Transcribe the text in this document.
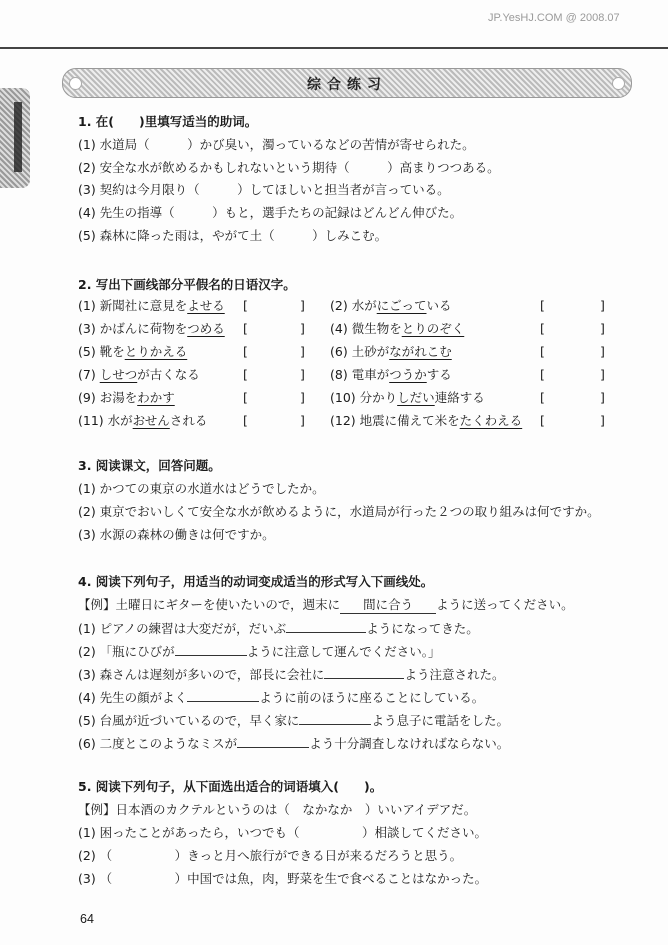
JP.YesHJ.COM @ 2008.07
综合练习
1. 在(　　)里填写适当的助词。
(1) 水道局（　　　）かび臭い，濁っているなどの苦情が寄せられた。
(2) 安全な水が飲めるかもしれないという期待（　　　）高まりつつある。
(3) 契約は今月限り（　　　）してほしいと担当者が言っている。
(4) 先生の指導（　　　）もと，選手たちの記録はどんどん伸びた。
(5) 森林に降った雨は，やがて土（　　　）しみこむ。
2. 写出下画线部分平假名的日语汉字。
(1) 新聞社に意見をよせる [	] (2) 水がにごっている	[	]
(3) かばんに荷物をつめる [	] (4) 微生物をとりのぞく	[	]
(5) 靴をとりかえる	[	] (6) 土砂がながれこむ	[	]
(7) しせつが古くなる	[	] (8) 電車がつうかする	[	]
(9) お湯をわかす	[	] (10) 分かりしだい連絡する	[	]
(11) 水がおせんされる	[	] (12) 地震に備えて米をたくわえる [	]
3. 阅读课文，回答问题。
(1) かつての東京の水道水はどうでしたか。
(2) 東京でおいしくて安全な水が飲めるように，水道局が行った２つの取り組みは何ですか。
(3) 水源の森林の働きは何ですか。
4. 阅读下列句子，用适当的动词变成适当的形式写入下画线处。
【例】土曜日にギターを使いたいので，週末に 間に合う ように送ってください。
(1) ピアノの練習は大変だが，だいぶ	ようになってきた。
(2) 「瓶にひびが	ように注意して運んでください。」
(3) 森さんは遅刻が多いので，部長に会社に	よう注意された。
(4) 先生の顔がよく	ように前のほうに座ることにしている。
(5) 台風が近づいているので，早く家に	よう息子に電話をした。
(6) 二度とこのようなミスが	よう十分調査しなければならない。
5. 阅读下列句子，从下面选出适合的词语填入(　　)。
【例】日本酒のカクテルというのは（　なかなか　）いいアイデアだ。
(1) 困ったことがあったら，いつでも（　　　　　）相談してください。
(2) （　　　　　）きっと月へ旅行ができる日が来るだろうと思う。
(3) （　　　　　）中国では魚，肉，野菜を生で食べることはなかった。
64
